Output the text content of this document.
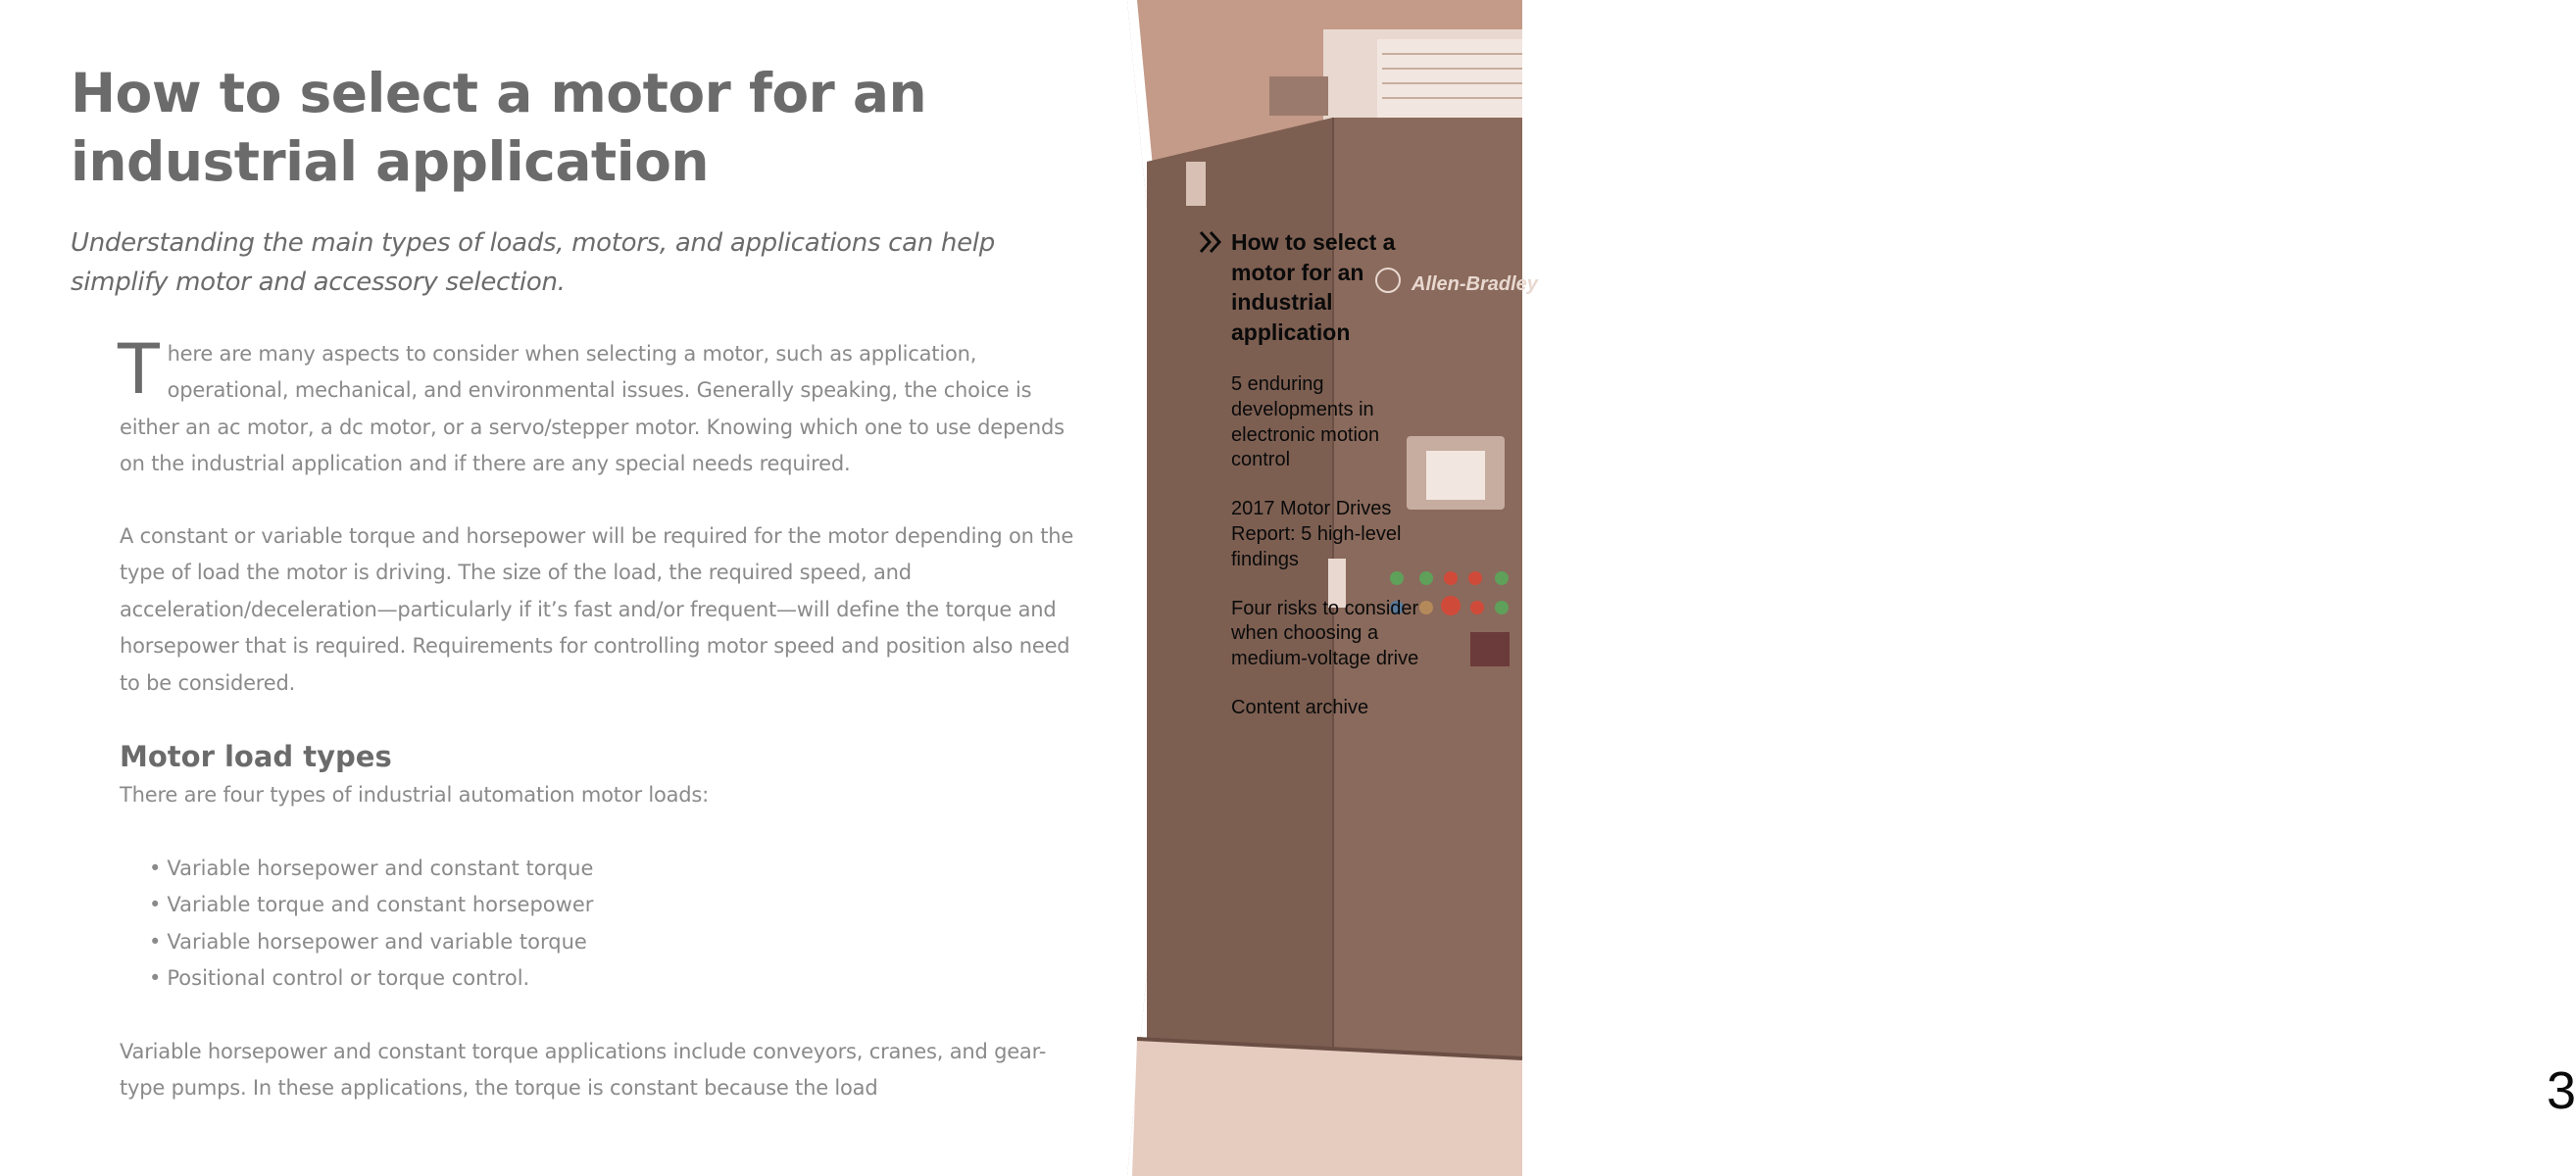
How to select a motor for an industrial application

Understanding the main types of loads, motors, and applications can help simplify motor and accessory selection.

There are many aspects to consider when selecting a motor, such as application, operational, mechanical, and environmental issues. Generally speaking, the choice is either an ac motor, a dc motor, or a servo/stepper motor. Knowing which one to use depends on the industrial application and if there are any special needs required.

A constant or variable torque and horsepower will be required for the motor depending on the type of load the motor is driving. The size of the load, the required speed, and acceleration/deceleration—particularly if it’s fast and/or frequent—will define the torque and horsepower that is required. Requirements for controlling motor speed and position also need to be considered.

Motor load types

There are four types of industrial automation motor loads:

• Variable horsepower and constant torque
• Variable torque and constant horsepower
• Variable horsepower and variable torque
• Positional control or torque control.

Variable horsepower and constant torque applications include conveyors, cranes, and gear-type pumps. In these applications, the torque is constant because the load

Allen-Bradley
3
How to select a motor for an industrial application
5 enduring developments in electronic motion control
2017 Motor Drives Report: 5 high-level findings
Four risks to consider when choosing a medium-voltage drive
Content archive
